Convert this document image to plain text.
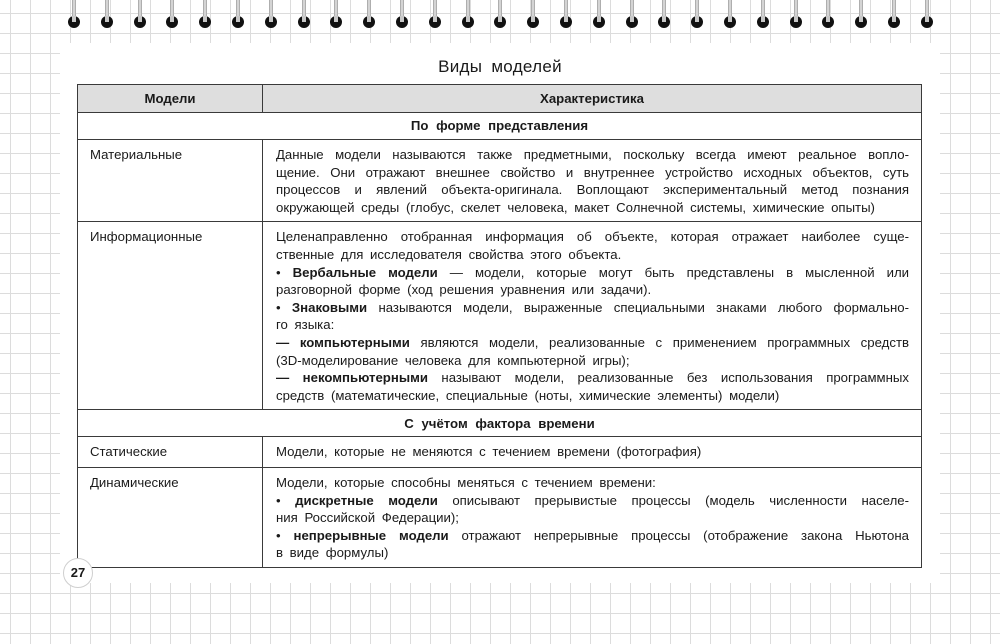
Виды моделей
Модели	Характеристика
По форме представления	
Материальные	Данные модели называются также предметными, поскольку всегда имеют реальное вопло-
щение. Они отражают внешнее свойство и внутреннее устройство исходных объектов, суть
процессов и явлений объекта-оригинала. Воплощают экспериментальный метод познания
окружающей среды (глобус, скелет человека, макет Солнечной системы, химические опыты)

Информационные	Целенаправленно отобранная информация об объекте, которая отражает наиболее суще-
ственные для исследователя свойства этого объекта.
• Вербальные модели — модели, которые могут быть представлены в мысленной или
разговорной форме (ход решения уравнения или задачи).
• Знаковыми называются модели, выраженные специальными знаками любого формально-
го языка:
— компьютерными являются модели, реализованные с применением программных средств
(3D-моделирование человека для компьютерной игры);
— некомпьютерными называют модели, реализованные без использования программных
средств (математические, специальные (ноты, химические элементы) модели)

С учётом фактора времени	
Статические	Модели, которые не меняются с течением времени (фотография)

Динамические	Модели, которые способны меняться с течением времени:
• дискретные модели описывают прерывистые процессы (модель численности населе-
ния Российской Федерации);
• непрерывные модели отражают непрерывные процессы (отображение закона Ньютона
в виде формулы)
27
